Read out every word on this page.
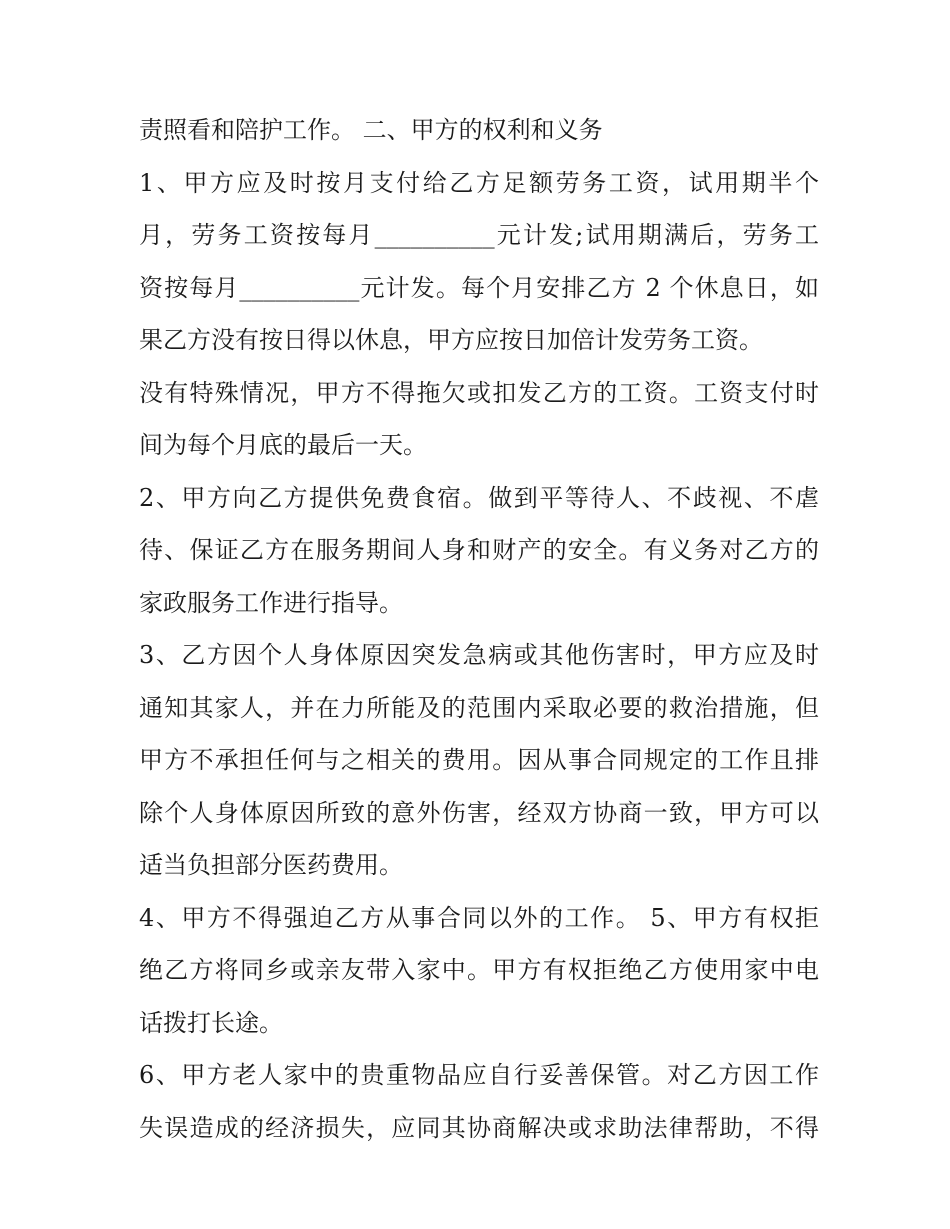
责照看和陪护工作。 二、甲方的权利和义务
1、甲方应及时按月支付给乙方足额劳务工资，试用期半个
月，劳务工资按每月__________元计发;试用期满后，劳务工
资按每月__________元计发。每个月安排乙方 2 个休息日，如
果乙方没有按日得以休息，甲方应按日加倍计发劳务工资。
没有特殊情况，甲方不得拖欠或扣发乙方的工资。工资支付时
间为每个月底的最后一天。
2、甲方向乙方提供免费食宿。做到平等待人、不歧视、不虐
待、保证乙方在服务期间人身和财产的安全。有义务对乙方的
家政服务工作进行指导。
3、乙方因个人身体原因突发急病或其他伤害时，甲方应及时
通知其家人，并在力所能及的范围内采取必要的救治措施，但
甲方不承担任何与之相关的费用。因从事合同规定的工作且排
除个人身体原因所致的意外伤害，经双方协商一致，甲方可以
适当负担部分医药费用。
4、甲方不得强迫乙方从事合同以外的工作。 5、甲方有权拒
绝乙方将同乡或亲友带入家中。甲方有权拒绝乙方使用家中电
话拨打长途。
6、甲方老人家中的贵重物品应自行妥善保管。对乙方因工作
失误造成的经济损失，应同其协商解决或求助法律帮助，不得
